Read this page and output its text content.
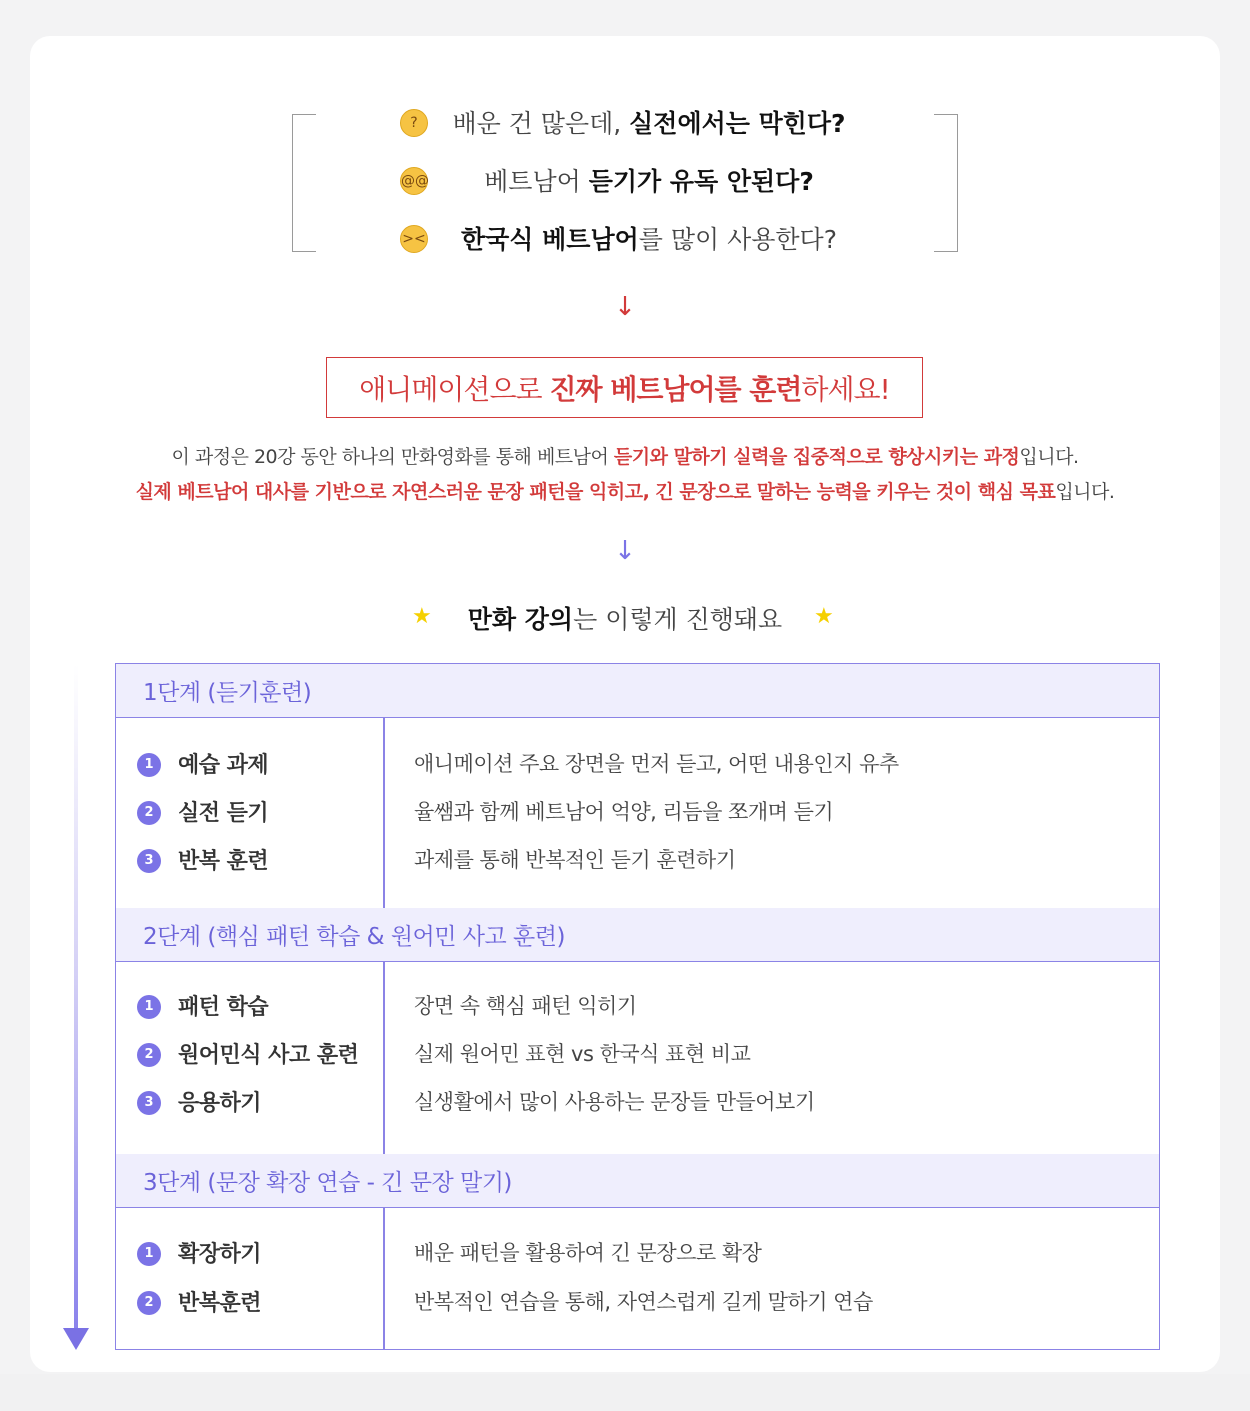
?	배운 건 많은데, 실전에서는 막힌다?
@@	베트남어 듣기가 유독 안된다?
><	한국식 베트남어를 많이 사용한다?
↓
애니메이션으로
진짜 베트남어를 훈련 하세요!
이 과정은 20강 동안 하나의 만화영화를 통해 베트남어 듣기와 말하기 실력을 집중적으로 향상시키는 과정입니다.
실제 베트남어 대사를 기반으로 자연스러운 문장 패턴을 익히고, 긴 문장으로 말하는 능력을 키우는 것이 핵심 목표입니다.
↓
★ 만화 강의 는 이렇게 진행돼요 ★
1단계 (듣기훈련)
1	예습 과제	애니메이션 주요 장면을 먼저 듣고, 어떤 내용인지 유추
2	실전 듣기	율쌤과 함께 베트남어 억양, 리듬을 쪼개며 듣기
3	반복 훈련	과제를 통해 반복적인 듣기 훈련하기
2단계 (핵심 패턴 학습 & 원어민 사고 훈련)
1	패턴 학습	장면 속 핵심 패턴 익히기
2	원어민식 사고 훈련	실제 원어민 표현 vs 한국식 표현 비교
3	응용하기	실생활에서 많이 사용하는 문장들 만들어보기
3단계 (문장 확장 연습 - 긴 문장 말기)
1	확장하기	배운 패턴을 활용하여 긴 문장으로 확장
2	반복훈련	반복적인 연습을 통해, 자연스럽게 길게 말하기 연습
